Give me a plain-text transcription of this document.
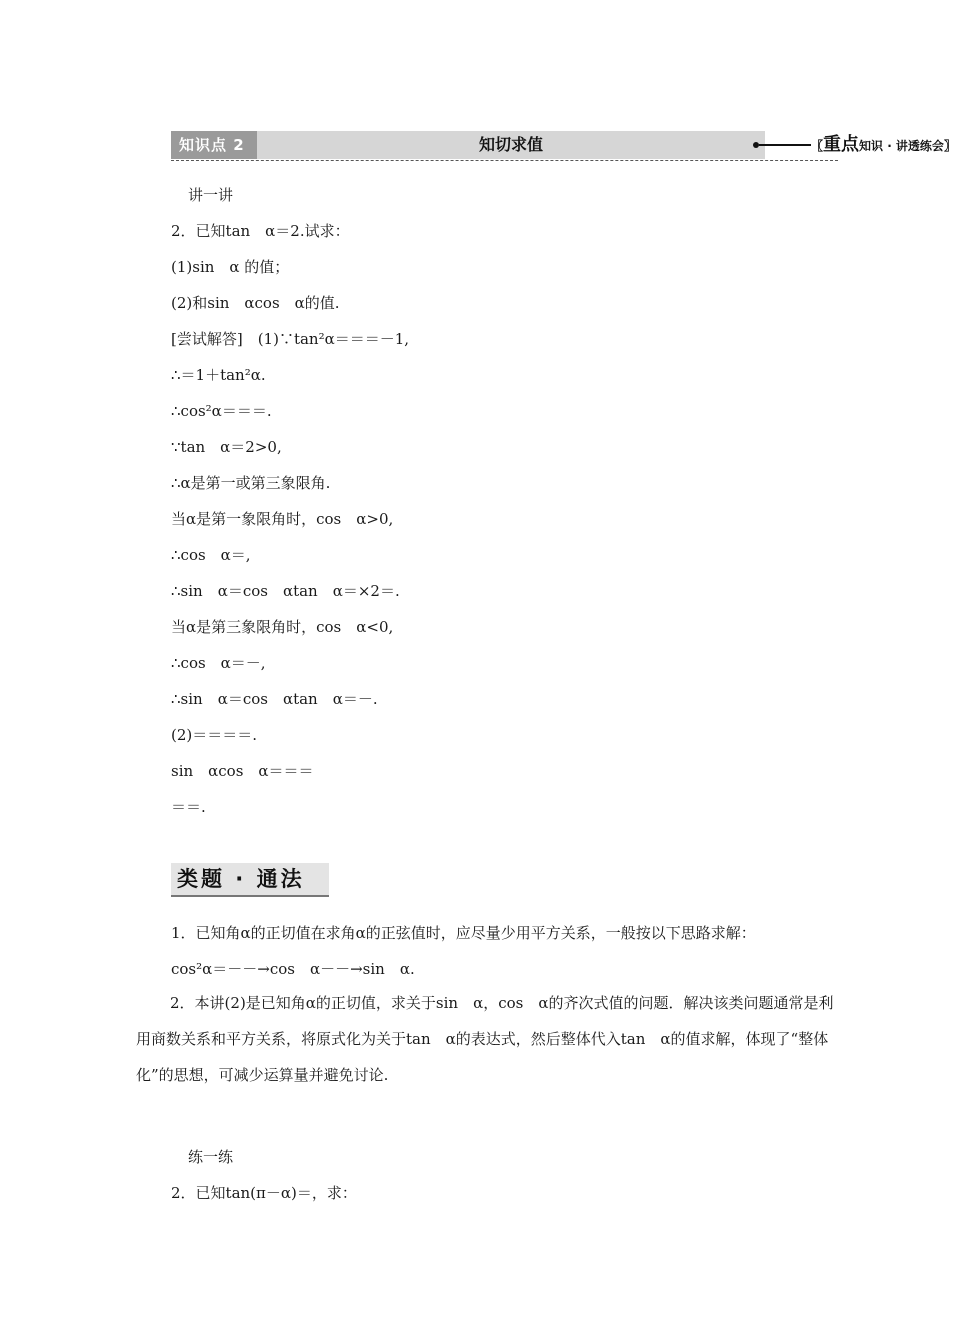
知识点 2	知切求值	〖重点知识 · 讲透练会〗
讲一讲
2．已知tan　α＝2.试求：
(1)sin　α 的值；
(2)和sin　αcos　α的值.
[尝试解答]　(1)∵tan²α＝＝＝－1,
∴＝1＋tan²α.
∴cos²α＝＝＝.
∵tan　α＝2>0,
∴α是第一或第三象限角.
当α是第一象限角时，cos　α>0,
∴cos　α＝,
∴sin　α＝cos　αtan　α＝×2＝.
当α是第三象限角时，cos　α<0,
∴cos　α＝－,
∴sin　α＝cos　αtan　α＝－.
(2)＝＝＝＝.
sin　αcos　α＝＝＝
＝＝.
类题 · 通法
1．已知角α的正切值在求角α的正弦值时，应尽量少用平方关系，一般按以下思路求解：
cos²α＝－－→cos　α－－→sin　α.
2．本讲(2)是已知角α的正切值，求关于sin　α，cos　α的齐次式值的问题．解决该类问题通常是利用商数关系和平方关系，将原式化为关于tan　α的表达式，然后整体代入tan　α的值求解，体现了“整体化”的思想，可减少运算量并避免讨论.
练一练
2．已知tan(π－α)＝，求：
